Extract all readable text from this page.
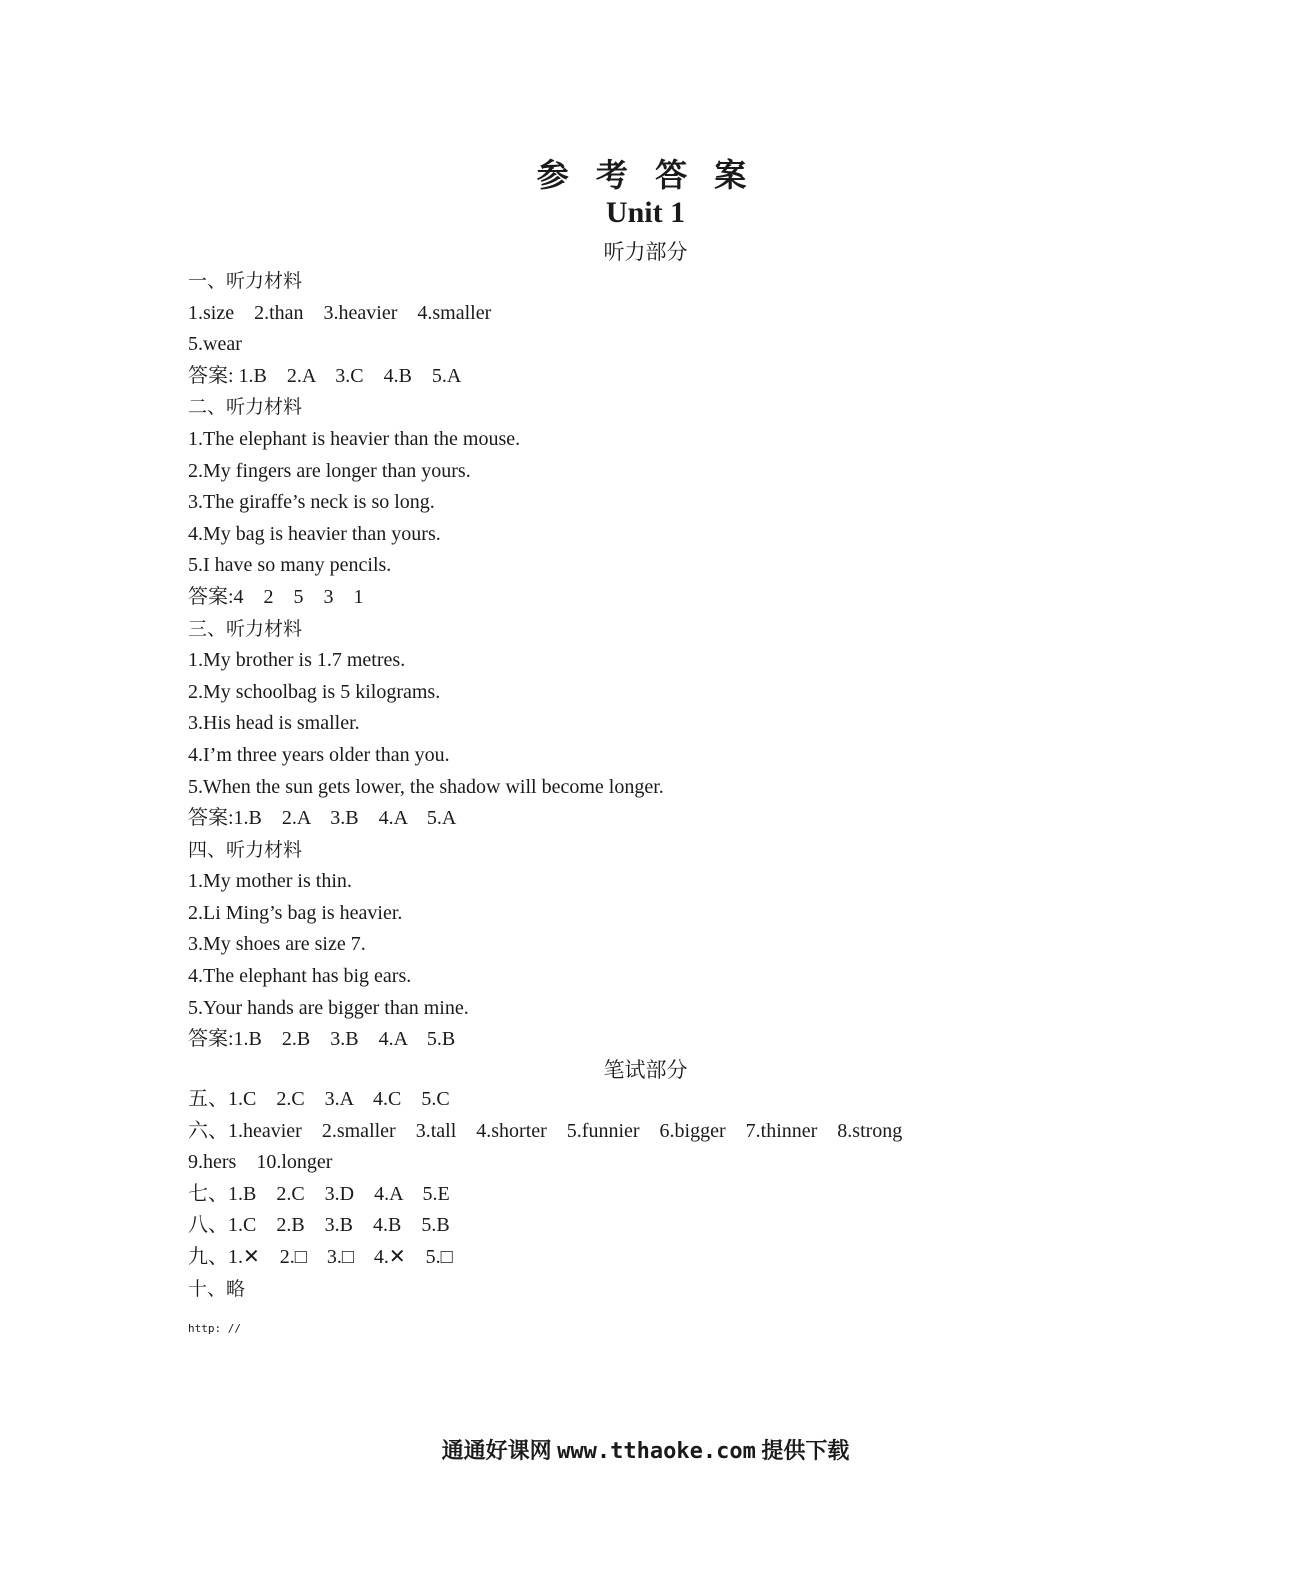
参 考 答 案
Unit 1
听力部分
一、听力材料
1.size    2.than    3.heavier    4.smaller
5.wear
答案: 1.B    2.A    3.C    4.B    5.A
二、听力材料
1.The elephant is heavier than the mouse.
2.My fingers are longer than yours.
3.The giraffe’s neck is so long.
4.My bag is heavier than yours.
5.I have so many pencils.
答案:4    2    5    3    1
三、听力材料
1.My brother is 1.7 metres.
2.My schoolbag is 5 kilograms.
3.His head is smaller.
4.I’m three years older than you.
5.When the sun gets lower, the shadow will become longer.
答案:1.B    2.A    3.B    4.A    5.A
四、听力材料
1.My mother is thin.
2.Li Ming’s bag is heavier.
3.My shoes are size 7.
4.The elephant has big ears.
5.Your hands are bigger than mine.
答案:1.B    2.B    3.B    4.A    5.B
笔试部分
五、1.C    2.C    3.A    4.C    5.C
六、1.heavier    2.smaller    3.tall    4.shorter    5.funnier    6.bigger    7.thinner    8.strong
9.hers    10.longer
七、1.B    2.C    3.D    4.A    5.E
八、1.C    2.B    3.B    4.B    5.B
九、1.✕    2.□    3.□    4.✕    5.□
十、略
http: //
通通好课网 www.tthaoke.com 提供下载
